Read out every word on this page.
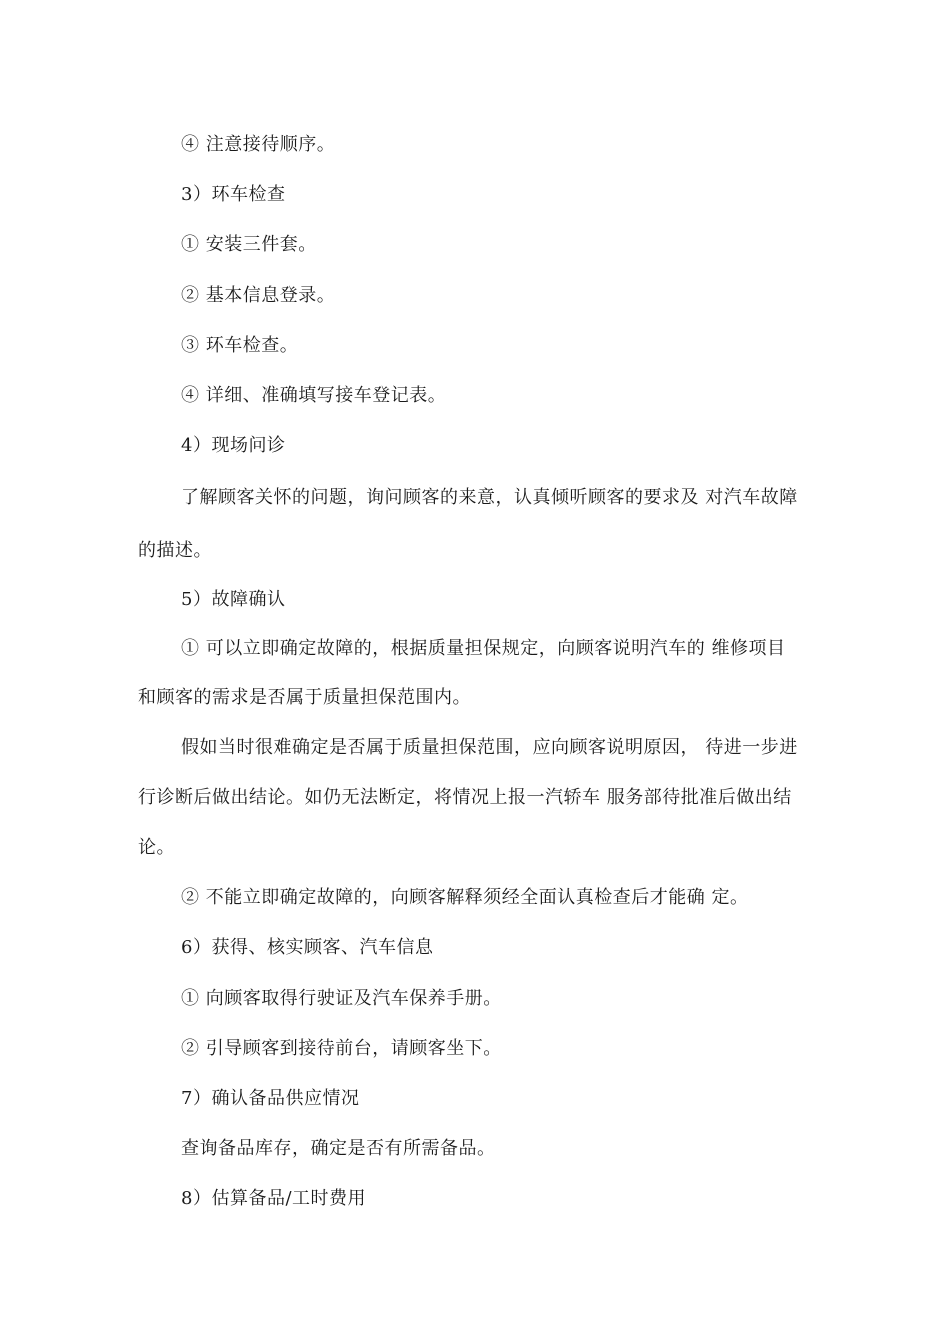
④ 注意接待顺序。
3）环车检查
① 安装三件套。
② 基本信息登录。
③ 环车检查。
④ 详细、准确填写接车登记表。
4）现场问诊
了解顾客关怀的问题，询问顾客的来意，认真倾听顾客的要求及 对汽车故障
的描述。
5）故障确认
① 可以立即确定故障的，根据质量担保规定，向顾客说明汽车的 维修项目
和顾客的需求是否属于质量担保范围内。
假如当时很难确定是否属于质量担保范围，应向顾客说明原因， 待进一步进
行诊断后做出结论。如仍无法断定，将情况上报一汽轿车 服务部待批准后做出结
论。
② 不能立即确定故障的，向顾客解释须经全面认真检查后才能确 定。
6）获得、核实顾客、汽车信息
① 向顾客取得行驶证及汽车保养手册。
② 引导顾客到接待前台，请顾客坐下。
7）确认备品供应情况
查询备品库存，确定是否有所需备品。
8）估算备品/工时费用
